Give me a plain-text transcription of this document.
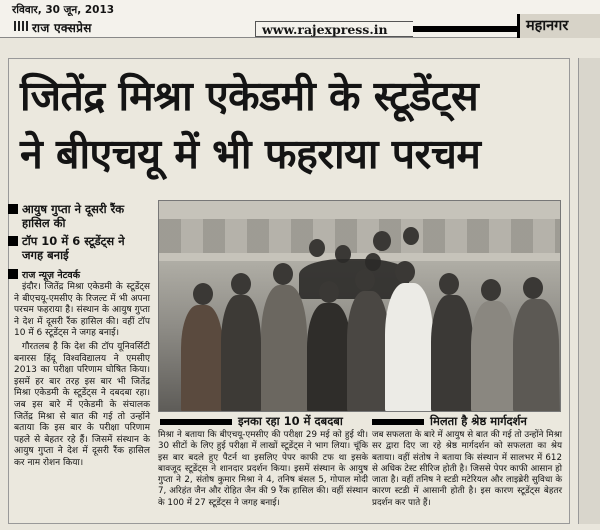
रविवार, 30 जून, 2013
राज एक्सप्रेस	www.rajexpress.in	महानगर
जितेंद्र मिश्रा एकेडमी के स्टूडेंट्स
ने बीएचयू में भी फहराया परचम
आयुष गुप्ता ने दूसरी रैंक हासिल की
टॉप 10 में 6 स्टूडेंट्स ने जगह बनाई
राज न्यूज़ नेटवर्क

इंदौर। जितेंद्र मिश्रा एकेडमी के स्टूडेंट्स ने बीएचयू-एमसीए के रिजल्ट में भी अपना परचम फहराया है। संस्थान के आयुष गुप्ता ने देश में दूसरी रैंक हासिल की। वहीं टॉप 10 में 6 स्टूडेंट्स ने जगह बनाई।

गौरतलब है कि देश की टॉप यूनिवर्सिटी बनारस हिंदू विश्वविद्यालय ने एमसीए 2013 का परीक्षा परिणाम घोषित किया। इसमें हर बार तरह इस बार भी जितेंद्र मिश्रा एकेडमी के स्टूडेंट्स ने दबदबा रहा। जब इस बारे में एकेडमी के संचालक जितेंद्र मिश्रा से बात की गई तो उन्होंने बताया कि इस बार के परीक्षा परिणाम पहले से बेहतर रहे हैं। जिसमें संस्थान के आयुष गुप्ता ने देश में दूसरी रैंक हासिल कर नाम रोशन किया।

इनका रहा 10 में दबदबा	मिलता है श्रेष्ठ मार्गदर्शन
मिश्रा ने बताया कि बीएचयू-एमसीए की परीक्षा 29 मई को हुई थी। 30 सीटों के लिए हुई परीक्षा में लाखों स्टूडेंट्स ने भाग लिया। चूंकि इस बार बदले हुए पैटर्न था इसलिए पेपर काफी टफ था इसके बावजूद स्टूडेंट्स ने शानदार प्रदर्शन किया। इसमें संस्थान के आयुष गुप्ता ने 2, संतोष कुमार मिश्रा ने 4, तनिष बंसल 5, गोपाल मोदी 7, अरिहंत जैन और रोहित जैन की 9 रैंक हासिल की। वहीं संस्थान के 100 में 27 स्टूडेंट्स ने जगह बनाई।
जब सफलता के बारे में आयुष से बात की गई तो उन्होंने मिश्रा सर द्वारा दिए जा रहे श्रेष्ठ मार्गदर्शन को सफलता का श्रेय बताया। वहीं संतोष ने बताया कि संस्थान में सालभर में 612 से अधिक टेस्ट सीरिज होती है। जिससे पेपर काफी आसान हो जाता है। वहीं तनिष ने स्टडी मटेरियल और लाइब्रेरी सुविधा के कारण स्टडी में आसानी होती है। इस कारण स्टूडेंट्स बेहतर प्रदर्शन कर पाते हैं।
